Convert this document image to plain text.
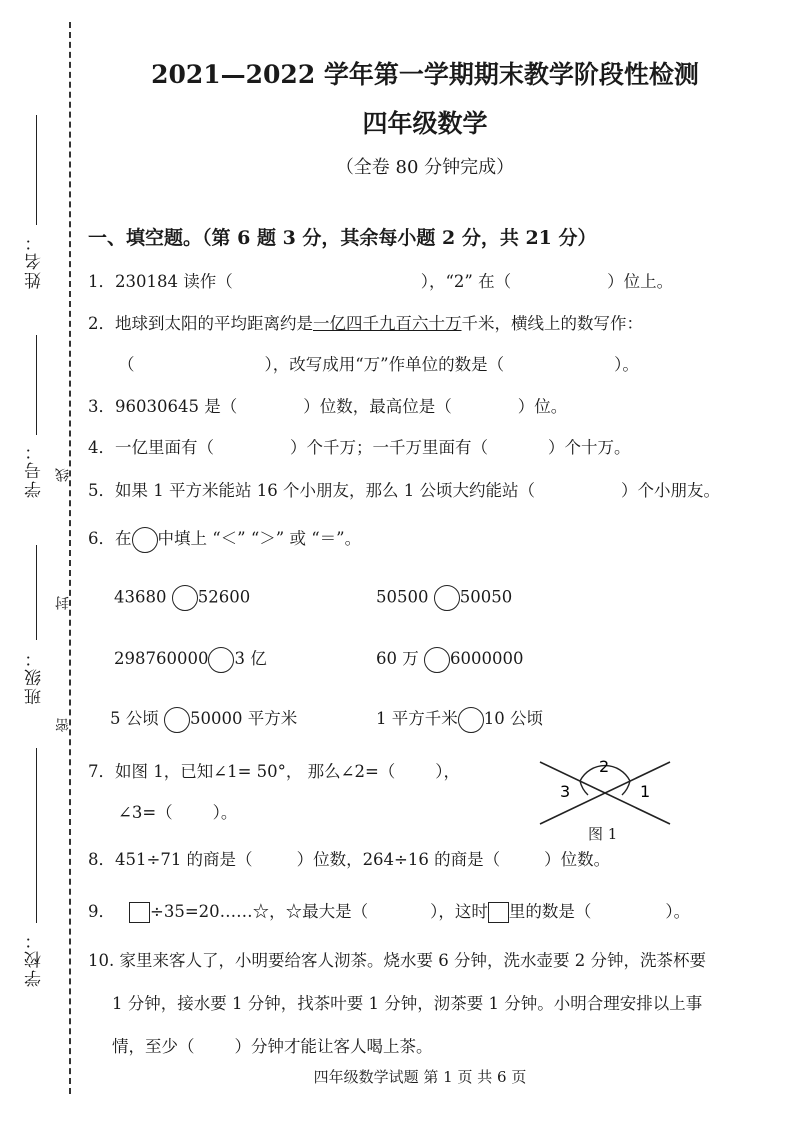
姓名：
学号： 线
封
班级：
密
学校：
2021—2022 学年第一学期期末教学阶段性检测
四年级数学
（全卷 80 分钟完成）
一、填空题。（第 6 题 3 分，其余每小题 2 分，共 21 分）
1．230184 读作（	），“2” 在（	）位上。
2．地球到太阳的平均距离约是一亿四千九百六十万千米，横线上的数写作：
（	），改写成用“万”作单位的数是（	）。
3．96030645 是（	）位数，最高位是（	）位。
4．一亿里面有（	）个千万；一千万里面有（	）个十万。
5．如果 1 平方米能站 16 个小朋友，那么 1 公顷大约能站（	）个小朋友。
6．在 中填上 “＜” “＞” 或 “＝”。
43680 52600	50500 50050
298760000 3 亿	60 万 6000000
5 公顷 50000 平方米	1 平方千米 10 公顷
7．如图 1，已知∠1= 50°， 那么∠2=（ ），
∠3=（ ）。
2
3	1
图 1
8．451÷71 的商是（	）位数，264÷16 的商是（	）位数。
9． ÷35=20……☆，☆最大是（	），这时 里的数是（	）。
10. 家里来客人了，小明要给客人沏茶。烧水要 6 分钟，洗水壶要 2 分钟，洗茶杯要
1 分钟，接水要 1 分钟，找茶叶要 1 分钟，沏茶要 1 分钟。小明合理安排以上事
情，至少（ ）分钟才能让客人喝上茶。
四年级数学试题 第 1 页 共 6 页
